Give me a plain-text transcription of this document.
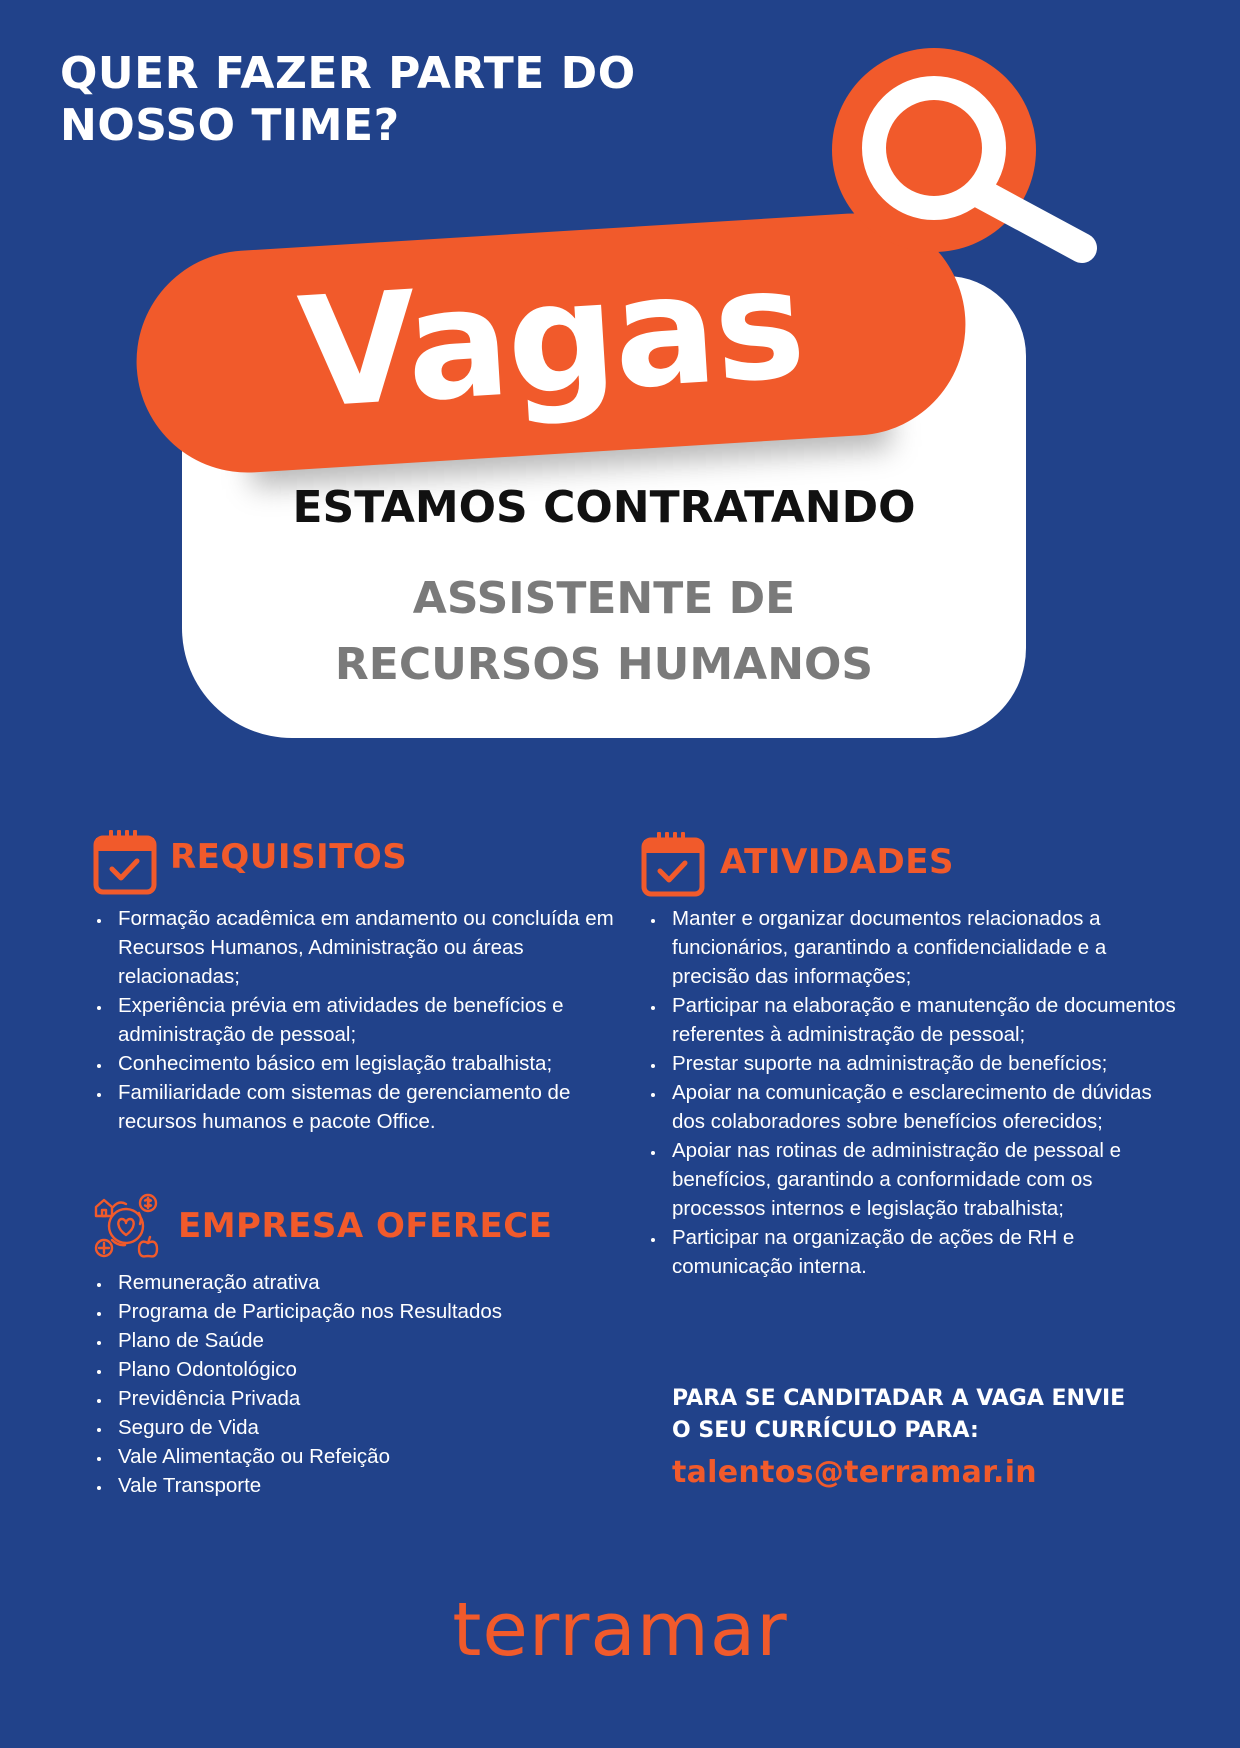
QUER FAZER PARTE DO
NOSSO TIME?
Vagas
ESTAMOS CONTRATANDO
ASSISTENTE DE
RECURSOS HUMANOS
REQUISITOS
• Formação acadêmica em andamento ou concluída em Recursos Humanos, Administração ou áreas relacionadas;
• Experiência prévia em atividades de benefícios e administração de pessoal;
• Conhecimento básico em legislação trabalhista;
• Familiaridade com sistemas de gerenciamento de recursos humanos e pacote Office.
EMPRESA OFERECE
• Remuneração atrativa
• Programa de Participação nos Resultados
• Plano de Saúde
• Plano Odontológico
• Previdência Privada
• Seguro de Vida
• Vale Alimentação ou Refeição
• Vale Transporte
ATIVIDADES
• Manter e organizar documentos relacionados a funcionários, garantindo a confidencialidade e a precisão das informações;
• Participar na elaboração e manutenção de documentos referentes à administração de pessoal;
• Prestar suporte na administração de benefícios;
• Apoiar na comunicação e esclarecimento de dúvidas dos colaboradores sobre benefícios oferecidos;
• Apoiar nas rotinas de administração de pessoal e benefícios, garantindo a conformidade com os processos internos e legislação trabalhista;
• Participar na organização de ações de RH e comunicação interna.

PARA SE CANDITADAR A VAGA ENVIE
O SEU CURRÍCULO PARA:

talentos@terramar.in

terramar
